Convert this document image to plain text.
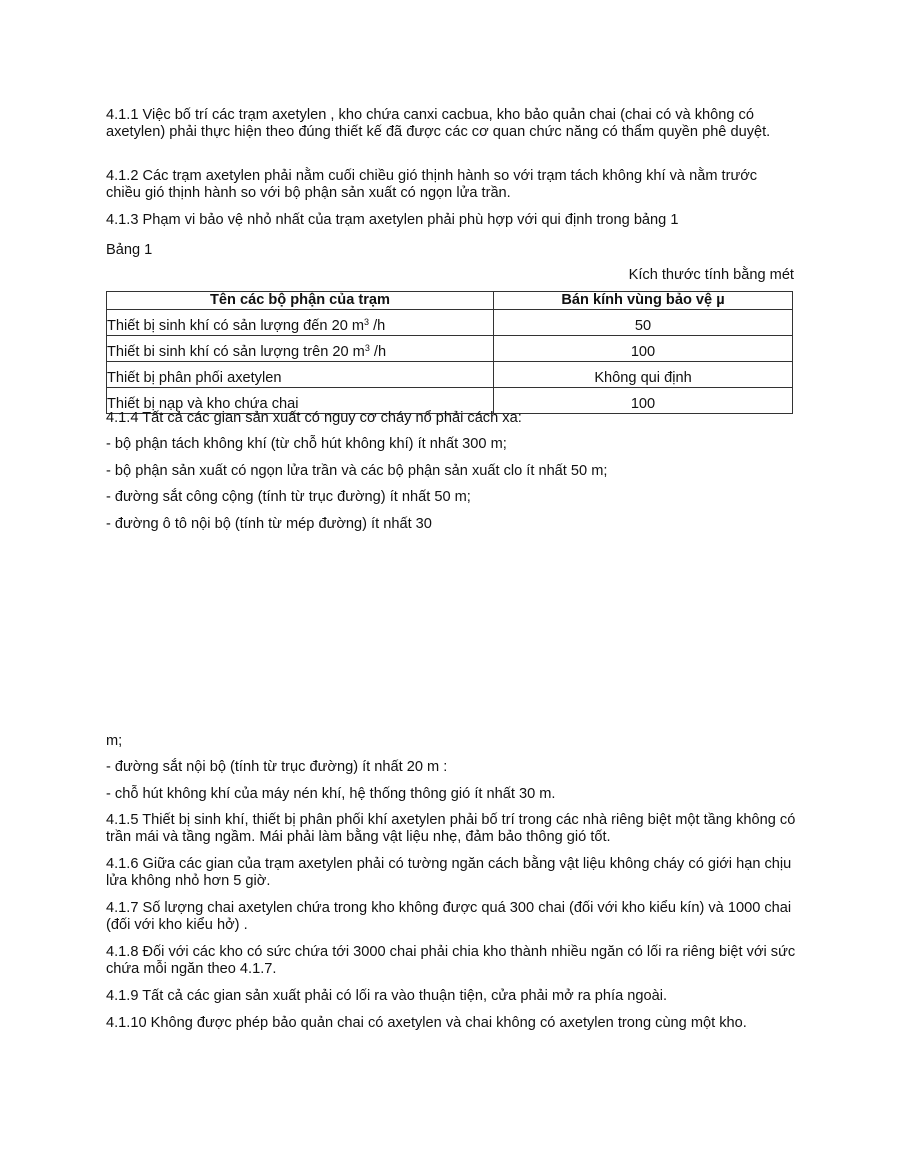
4.1.1 Việc bố trí các trạm axetylen , kho chứa canxi cacbua, kho bảo quản chai (chai có và không có axetylen) phải thực hiện theo đúng thiết kế đã được các cơ quan chức năng có thẩm quyền phê duyệt.

4.1.2 Các trạm axetylen phải nằm cuối chiều gió thịnh hành so với trạm tách không khí và nằm trước chiều gió thịnh hành so với bộ phận sản xuất có ngọn lửa trần.

4.1.3 Phạm vi bảo vệ nhỏ nhất của trạm axetylen phải phù hợp với qui định trong bảng 1

Bảng 1

Kích thước tính bằng mét

Tên các bộ phận của trạm	Bán kính vùng bảo vệ µ
Thiết bị sinh khí có sản lượng đến 20 $m^3$ /h	50
Thiết bi sinh khí có sản lượng trên 20 $m^3$ /h	100
Thiết bị phân phối axetylen	Không qui định
Thiết bị nạp và kho chứa chai	100

4.1.4 Tất cả các gian sản xuất có nguy cơ cháy nổ phải cách xa:

- bộ phận tách không khí (từ chỗ hút không khí) ít nhất 300 m;

- bộ phận sản xuất có ngọn lửa trần và các bộ phận sản xuất clo ít nhất 50 m;

- đường sắt công cộng (tính từ trục đường) ít nhất 50 m;

- đường ô tô nội bộ (tính từ mép đường) ít nhất 30

m;

- đường sắt nội bộ (tính từ trục đường) ít nhất 20 m :

- chỗ hút không khí của máy nén khí, hệ thống thông gió ít nhất 30 m.

4.1.5 Thiết bị sinh khí, thiết bị phân phối khí axetylen phải bố trí trong các nhà riêng biệt một tầng không có trần mái và tầng ngầm. Mái phải làm bằng vật liệu nhẹ, đảm bảo thông gió tốt.

4.1.6 Giữa các gian của trạm axetylen phải có tường ngăn cách bằng vật liệu không cháy có giới hạn chịu lửa không nhỏ hơn 5 giờ.

4.1.7 Số lượng chai axetylen chứa trong kho không được quá 300 chai (đối với kho kiểu kín) và 1000 chai (đối với kho kiểu hở) .

4.1.8 Đối với các kho có sức chứa tới 3000 chai phải chia kho thành nhiều ngăn có lối ra riêng biệt với sức chứa mỗi ngăn theo 4.1.7.

4.1.9 Tất cả các gian sản xuất phải có lối ra vào thuận tiện, cửa phải mở ra phía ngoài.

4.1.10 Không được phép bảo quản chai có axetylen và chai không có axetylen trong cùng một kho.
